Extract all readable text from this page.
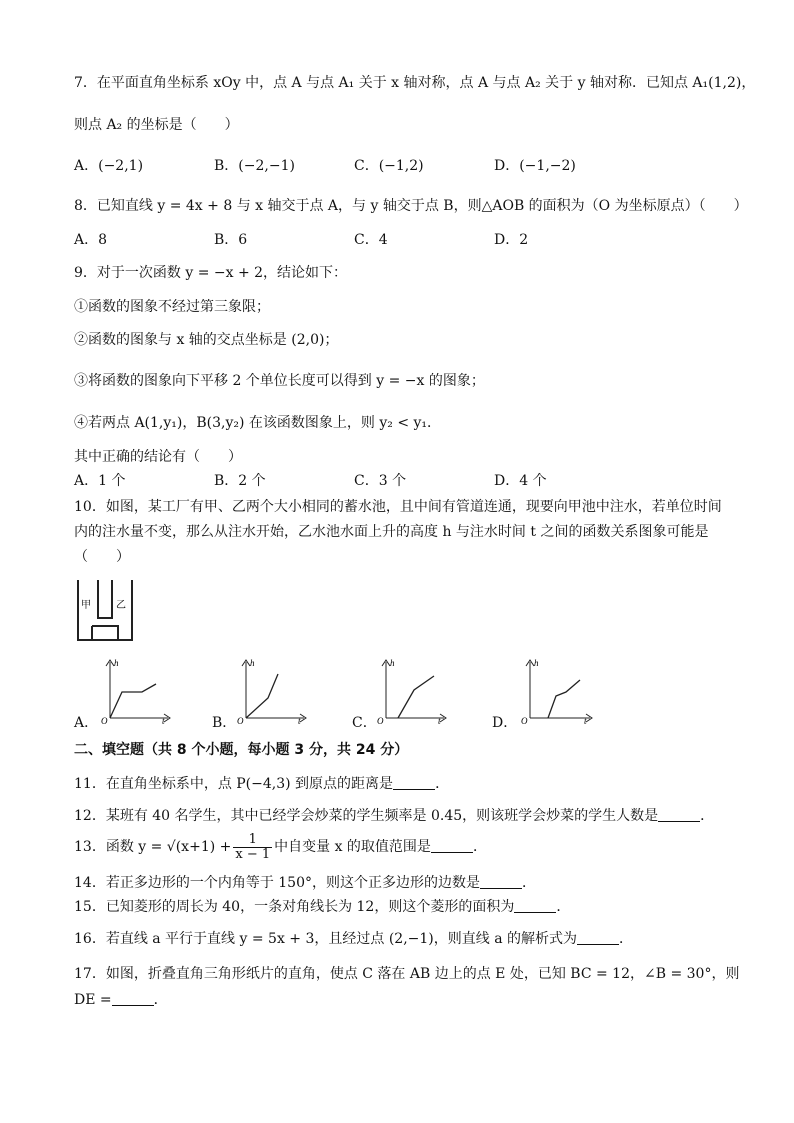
7．在平面直角坐标系 xOy 中，点 A 与点 A₁ 关于 x 轴对称，点 A 与点 A₂ 关于 y 轴对称．已知点 A₁(1,2)，
则点 A₂ 的坐标是（　　）
A．(−2,1)	B．(−2,−1)	C．(−1,2)	D．(−1,−2)
8．已知直线 y = 4x + 8 与 x 轴交于点 A，与 y 轴交于点 B，则△AOB 的面积为（O 为坐标原点）（　　）
A．8	B．6	C．4	D．2
9．对于一次函数 y = −x + 2，结论如下：
①函数的图象不经过第三象限；
②函数的图象与 x 轴的交点坐标是 (2,0)；
③将函数的图象向下平移 2 个单位长度可以得到 y = −x 的图象；
④若两点 A(1,y₁)，B(3,y₂) 在该函数图象上，则 y₂ < y₁．
其中正确的结论有（　　）
A．1 个	B．2 个	C．3 个	D．4 个
10．如图，某工厂有甲、乙两个大小相同的蓄水池，且中间有管道连通，现要向甲池中注水，若单位时间
内的注水量不变，那么从注水开始，乙水池水面上升的高度 h 与注水时间 t 之间的函数关系图象可能是
（　　）
甲	乙
A．
h
t
O	B．
h
t
O	C．
h
t
O	D．
h
t
O
二、填空题（共 8 个小题，每小题 3 分，共 24 分）
11．在直角坐标系中，点 P(−4,3) 到原点的距离是	．
12．某班有 40 名学生，其中已经学会炒菜的学生频率是 0.45，则该班学会炒菜的学生人数是	．
13．函数 $y = √(x+1) + \frac{1}{x - 1}$ 中自变量 x 的取值范围是	．
14．若正多边形的一个内角等于 150°，则这个正多边形的边数是	．
15．已知菱形的周长为 40，一条对角线长为 12，则这个菱形的面积为	．
16．若直线 a 平行于直线 y = 5x + 3，且经过点 (2,−1)，则直线 a 的解析式为	．
17．如图，折叠直角三角形纸片的直角，使点 C 落在 AB 边上的点 E 处，已知 BC = 12，∠B = 30°，则
DE =	．
